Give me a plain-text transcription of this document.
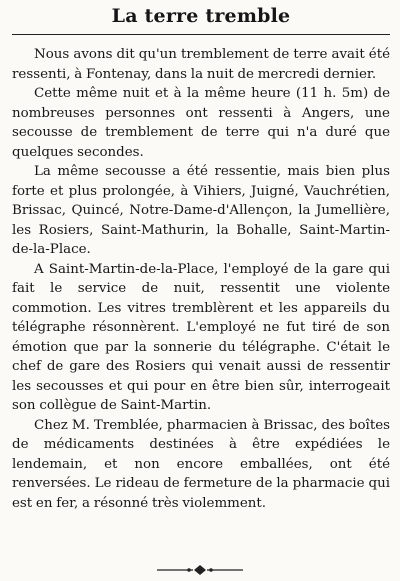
La terre tremble

Nous avons dit qu'un tremblement de terre avait été ressenti, à Fontenay, dans la nuit de mercredi dernier.

Cette même nuit et à la même heure (11 h. 5m) de nombreuses personnes ont ressenti à Angers, une secousse de tremblement de terre qui n'a duré que quelques secondes.

La même secousse a été ressentie, mais bien plus forte et plus prolongée, à Vihiers, Juigné, Vauchrétien, Brissac, Quincé, Notre-Dame-d'Allençon, la Jumellière, les Rosiers, Saint-Mathurin, la Bohalle, Saint-Martin-de-la-Place.

A Saint-Martin-de-la-Place, l'employé de la gare qui fait le service de nuit, ressentit une violente commotion. Les vitres tremblèrent et les appareils du télégraphe résonnèrent. L'employé ne fut tiré de son émotion que par la sonnerie du télégraphe. C'était le chef de gare des Rosiers qui venait aussi de ressentir les secousses et qui pour en être bien sûr, interrogeait son collègue de Saint-Martin.

Chez M. Tremblée, pharmacien à Brissac, des boîtes de médicaments destinées à être expédiées le lendemain, et non encore emballées, ont été renversées. Le rideau de fermeture de la pharmacie qui est en fer, a résonné très violemment.
